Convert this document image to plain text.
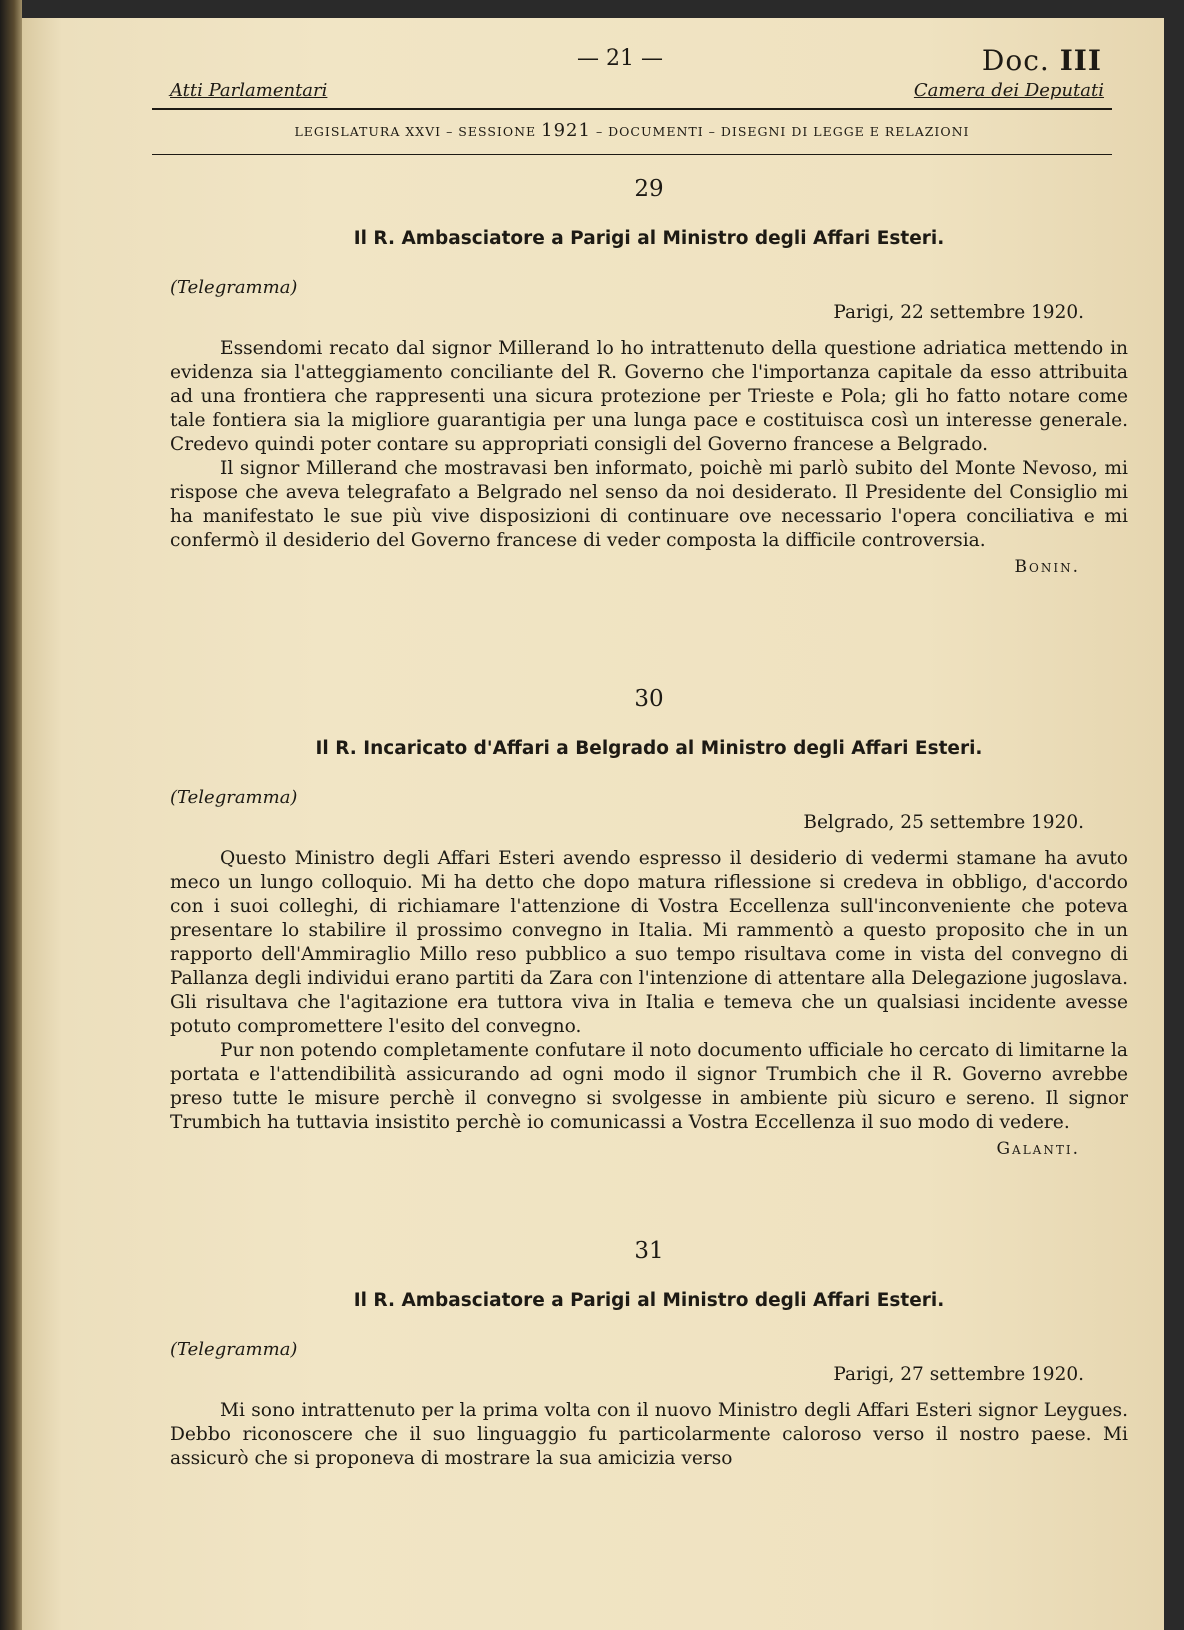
— 21 —	Doc. III
Atti Parlamentari	Camera dei Deputati
LEGISLATURA XXVI – SESSIONE 1921 – DOCUMENTI – DISEGNI DI LEGGE E RELAZIONI
29
Il R. Ambasciatore a Parigi al Ministro degli Affari Esteri.
(Telegramma)
Parigi, 22 settembre 1920.

Essendomi recato dal signor Millerand lo ho intrattenuto della questione adriatica mettendo in evidenza sia l'atteggiamento conciliante del R. Governo che l'importanza capitale da esso attribuita ad una frontiera che rappresenti una sicura protezione per Trieste e Pola; gli ho fatto notare come tale fontiera sia la migliore guarantigia per una lunga pace e costituisca così un interesse generale. Credevo quindi poter contare su appropriati consigli del Governo francese a Belgrado.

Il signor Millerand che mostravasi ben informato, poichè mi parlò subito del Monte Nevoso, mi rispose che aveva telegrafato a Belgrado nel senso da noi desiderato. Il Presidente del Consiglio mi ha manifestato le sue più vive disposizioni di continuare ove necessario l'opera conciliativa e mi confermò il desiderio del Governo francese di veder composta la difficile controversia.

Bonin.
30
Il R. Incaricato d'Affari a Belgrado al Ministro degli Affari Esteri.
(Telegramma)
Belgrado, 25 settembre 1920.

Questo Ministro degli Affari Esteri avendo espresso il desiderio di vedermi stamane ha avuto meco un lungo colloquio. Mi ha detto che dopo matura riflessione si credeva in obbligo, d'accordo con i suoi colleghi, di richiamare l'attenzione di Vostra Eccellenza sull'inconveniente che poteva presentare lo stabilire il prossimo convegno in Italia. Mi rammentò a questo proposito che in un rapporto dell'Ammiraglio Millo reso pubblico a suo tempo risultava come in vista del convegno di Pallanza degli individui erano partiti da Zara con l'intenzione di attentare alla Delegazione jugoslava. Gli risultava che l'agitazione era tuttora viva in Italia e temeva che un qualsiasi incidente avesse potuto compromettere l'esito del convegno.

Pur non potendo completamente confutare il noto documento ufficiale ho cercato di limitarne la portata e l'attendibilità assicurando ad ogni modo il signor Trumbich che il R. Governo avrebbe preso tutte le misure perchè il convegno si svolgesse in ambiente più sicuro e sereno. Il signor Trumbich ha tuttavia insistito perchè io comunicassi a Vostra Eccellenza il suo modo di vedere.

Galanti.
31
Il R. Ambasciatore a Parigi al Ministro degli Affari Esteri.
(Telegramma)
Parigi, 27 settembre 1920.

Mi sono intrattenuto per la prima volta con il nuovo Ministro degli Affari Esteri signor Leygues. Debbo riconoscere che il suo linguaggio fu particolarmente caloroso verso il nostro paese. Mi assicurò che si proponeva di mostrare la sua amicizia verso
